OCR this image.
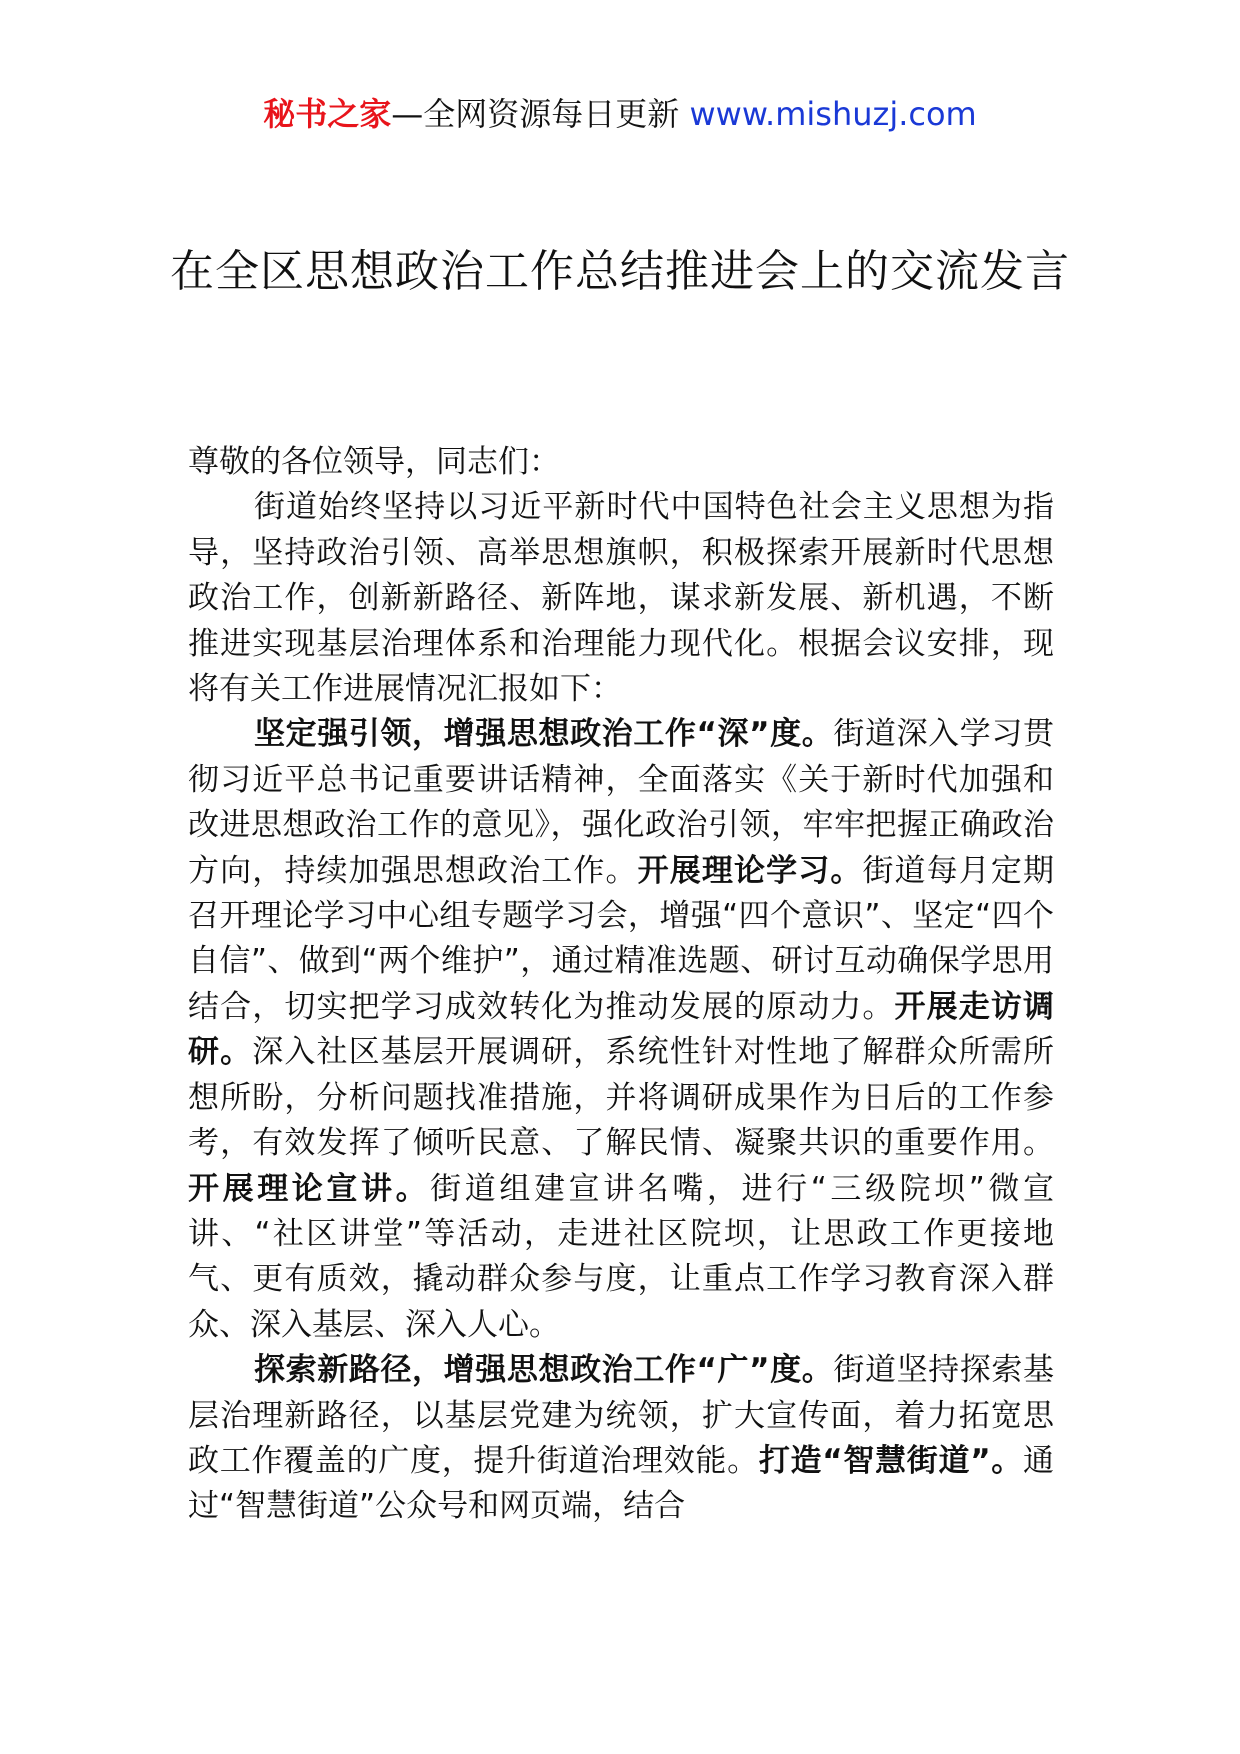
秘书之家—全网资源每日更新 www.mishuzj.com
在全区思想政治工作总结推进会上的交流发言

尊敬的各位领导，同志们：

街道始终坚持以习近平新时代中国特色社会主义思想为指导，坚持政治引领、高举思想旗帜，积极探索开展新时代思想政治工作，创新新路径、新阵地，谋求新发展、新机遇，不断推进实现基层治理体系和治理能力现代化。根据会议安排，现将有关工作进展情况汇报如下：

坚定强引领，增强思想政治工作“深”度。街道深入学习贯彻习近平总书记重要讲话精神，全面落实《关于新时代加强和改进思想政治工作的意见》，强化政治引领，牢牢把握正确政治方向，持续加强思想政治工作。开展理论学习。街道每月定期召开理论学习中心组专题学习会，增强“四个意识”、坚定“四个自信”、做到“两个维护”，通过精准选题、研讨互动确保学思用结合，切实把学习成效转化为推动发展的原动力。开展走访调研。深入社区基层开展调研，系统性针对性地了解群众所需所想所盼，分析问题找准措施，并将调研成果作为日后的工作参考，有效发挥了倾听民意、了解民情、凝聚共识的重要作用。开展理论宣讲。街道组建宣讲名嘴，进行“三级院坝”微宣讲、“社区讲堂”等活动，走进社区院坝，让思政工作更接地气、更有质效，撬动群众参与度，让重点工作学习教育深入群众、深入基层、深入人心。

探索新路径，增强思想政治工作“广”度。街道坚持探索基层治理新路径，以基层党建为统领，扩大宣传面，着力拓宽思政工作覆盖的广度，提升街道治理效能。打造“智慧街道”。通过“智慧街道”公众号和网页端，结合
